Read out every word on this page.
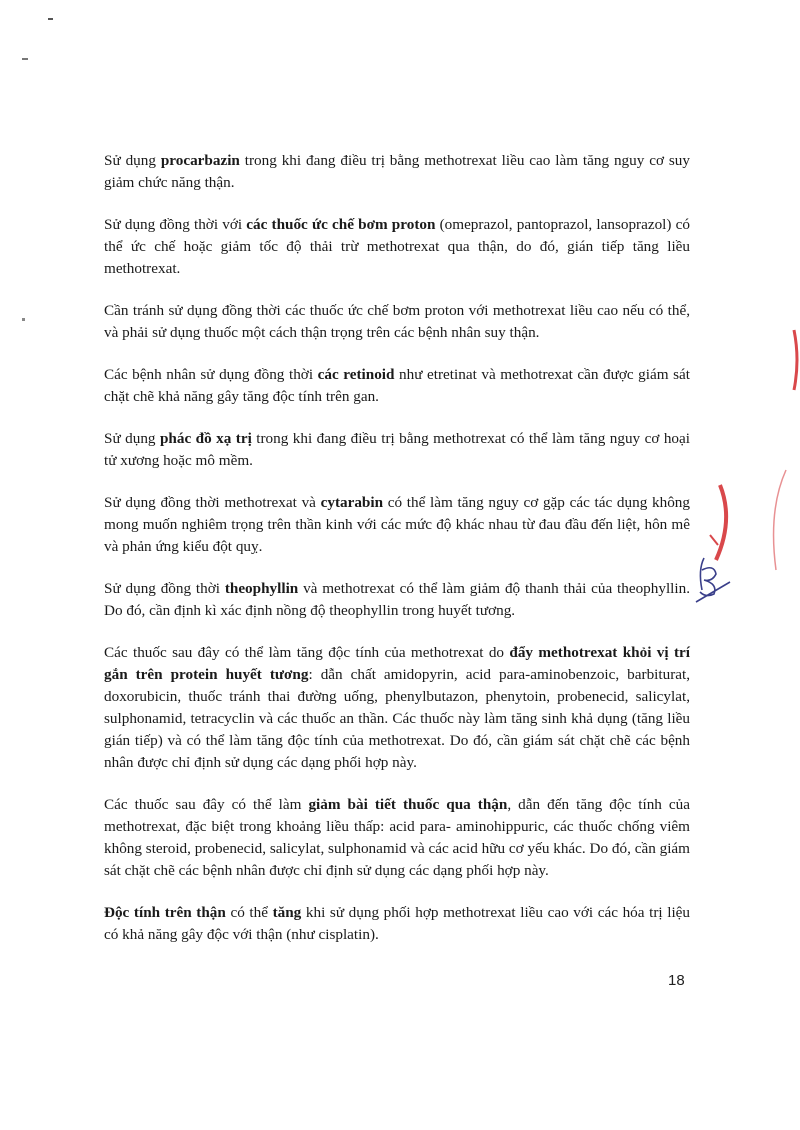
Sử dụng procarbazin trong khi đang điều trị bằng methotrexat liều cao làm tăng nguy cơ suy giảm chức năng thận.

Sử dụng đồng thời với các thuốc ức chế bơm proton (omeprazol, pantoprazol, lansoprazol) có thể ức chế hoặc giảm tốc độ thải trừ methotrexat qua thận, do đó, gián tiếp tăng liều methotrexat.

Cần tránh sử dụng đồng thời các thuốc ức chế bơm proton với methotrexat liều cao nếu có thể, và phải sử dụng thuốc một cách thận trọng trên các bệnh nhân suy thận.

Các bệnh nhân sử dụng đồng thời các retinoid như etretinat và methotrexat cần được giám sát chặt chẽ khả năng gây tăng độc tính trên gan.

Sử dụng phác đồ xạ trị trong khi đang điều trị bằng methotrexat có thể làm tăng nguy cơ hoại tử xương hoặc mô mềm.

Sử dụng đồng thời methotrexat và cytarabin có thể làm tăng nguy cơ gặp các tác dụng không mong muốn nghiêm trọng trên thần kinh với các mức độ khác nhau từ đau đầu đến liệt, hôn mê và phản ứng kiểu đột quỵ.

Sử dụng đồng thời theophyllin và methotrexat có thể làm giảm độ thanh thải của theophyllin. Do đó, cần định kì xác định nồng độ theophyllin trong huyết tương.

Các thuốc sau đây có thể làm tăng độc tính của methotrexat do đẩy methotrexat khỏi vị trí gắn trên protein huyết tương: dẫn chất amidopyrin, acid para-aminobenzoic, barbiturat, doxorubicin, thuốc tránh thai đường uống, phenylbutazon, phenytoin, probenecid, salicylat, sulphonamid, tetracyclin và các thuốc an thần. Các thuốc này làm tăng sinh khả dụng (tăng liều gián tiếp) và có thể làm tăng độc tính của methotrexat. Do đó, cần giám sát chặt chẽ các bệnh nhân được chỉ định sử dụng các dạng phối hợp này.

Các thuốc sau đây có thể làm giảm bài tiết thuốc qua thận, dẫn đến tăng độc tính của methotrexat, đặc biệt trong khoảng liều thấp: acid para- aminohippuric, các thuốc chống viêm không steroid, probenecid, salicylat, sulphonamid và các acid hữu cơ yếu khác. Do đó, cần giám sát chặt chẽ các bệnh nhân được chỉ định sử dụng các dạng phối hợp này.

Độc tính trên thận có thể tăng khi sử dụng phối hợp methotrexat liều cao với các hóa trị liệu có khả năng gây độc với thận (như cisplatin).

18
